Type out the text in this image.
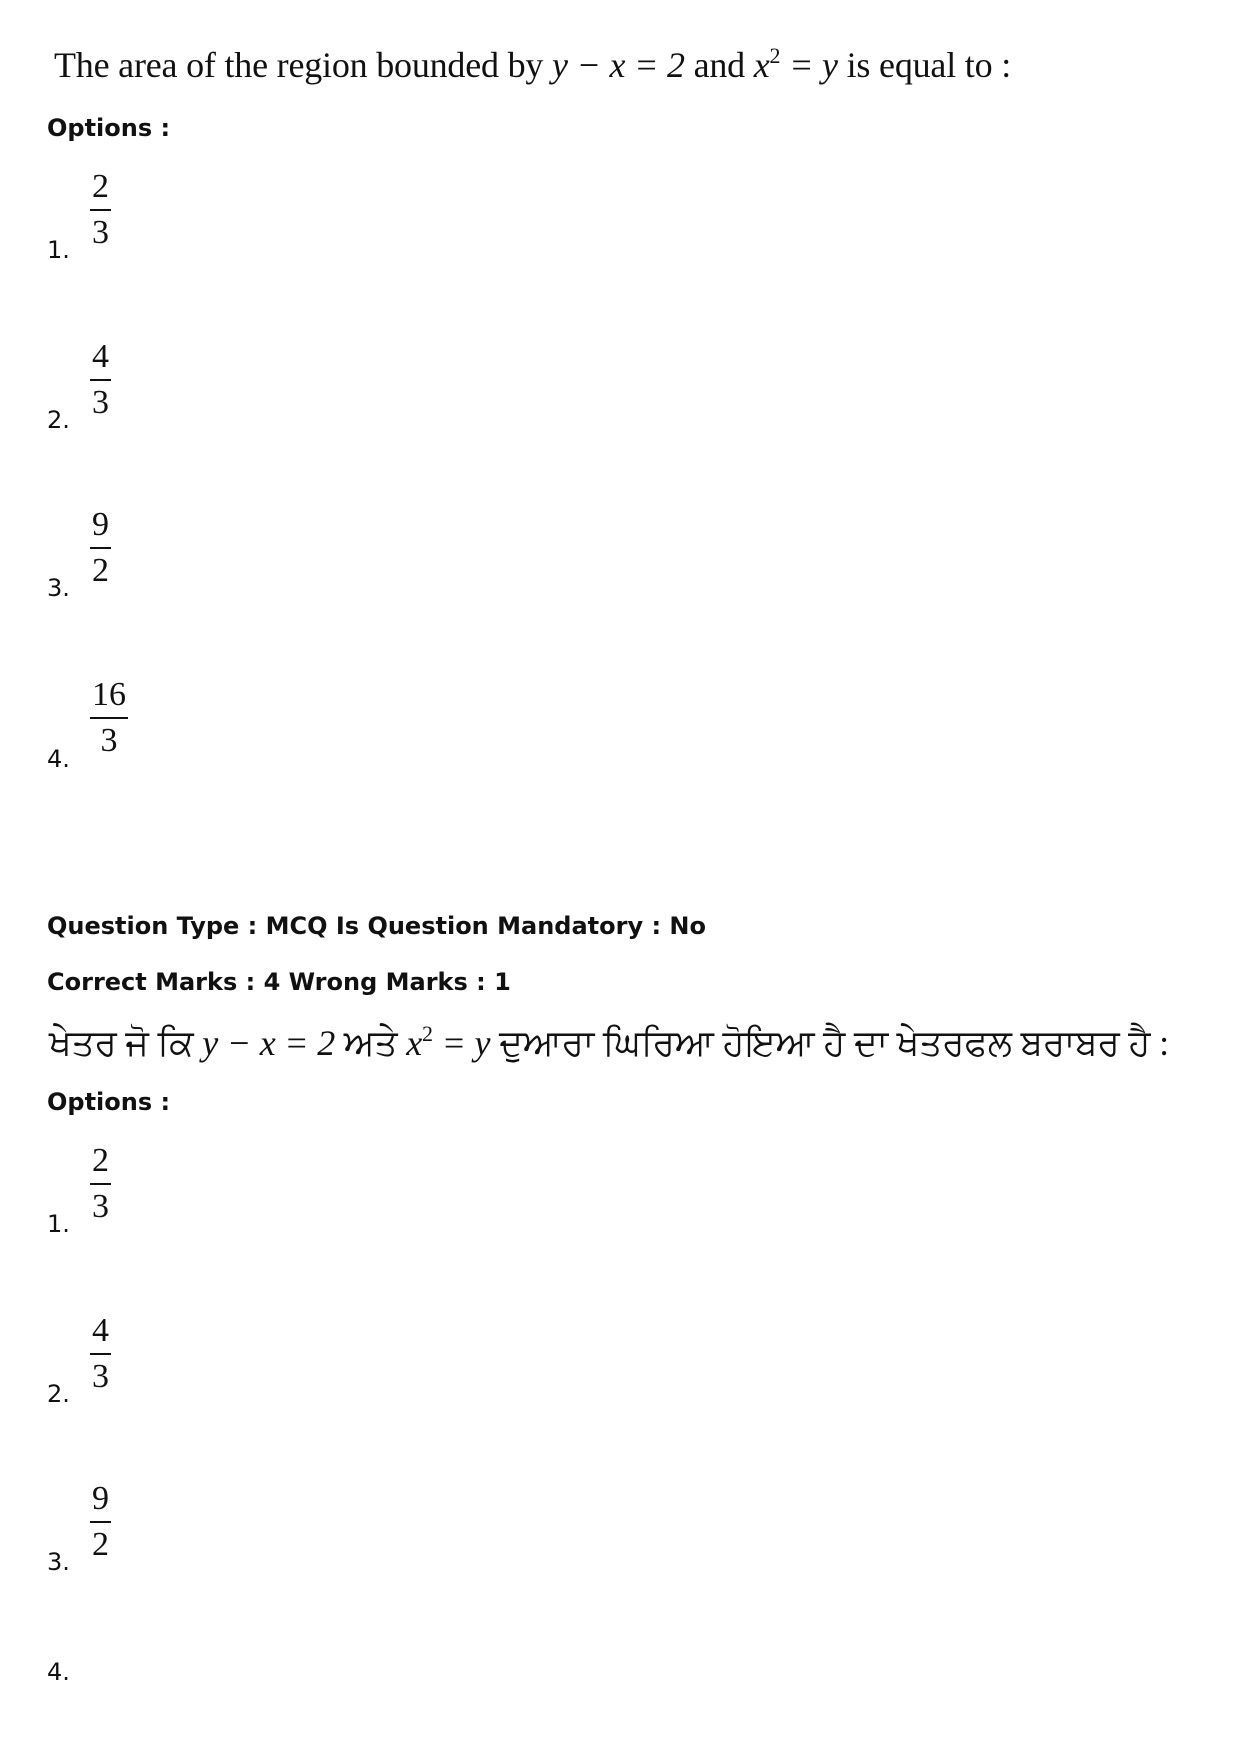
The area of the region bounded by y − x = 2 and $x^2 = y$ is equal to :
Options :
1.
2
3
2.
4
3
3.
9
2
4.
16
3
Question Type : MCQ Is Question Mandatory : No
Correct Marks : 4 Wrong Marks : 1
ਖੇਤਰ ਜੋ ਕਿ y − x = 2 ਅਤੇ $x^2 = y$ ਦੁਆਰਾ ਘਿਰਿਆ ਹੋਇਆ ਹੈ ਦਾ ਖੇਤਰਫਲ ਬਰਾਬਰ ਹੈ :
Options :
1.
2
3
2.
4
3
3.
9
2
4.
